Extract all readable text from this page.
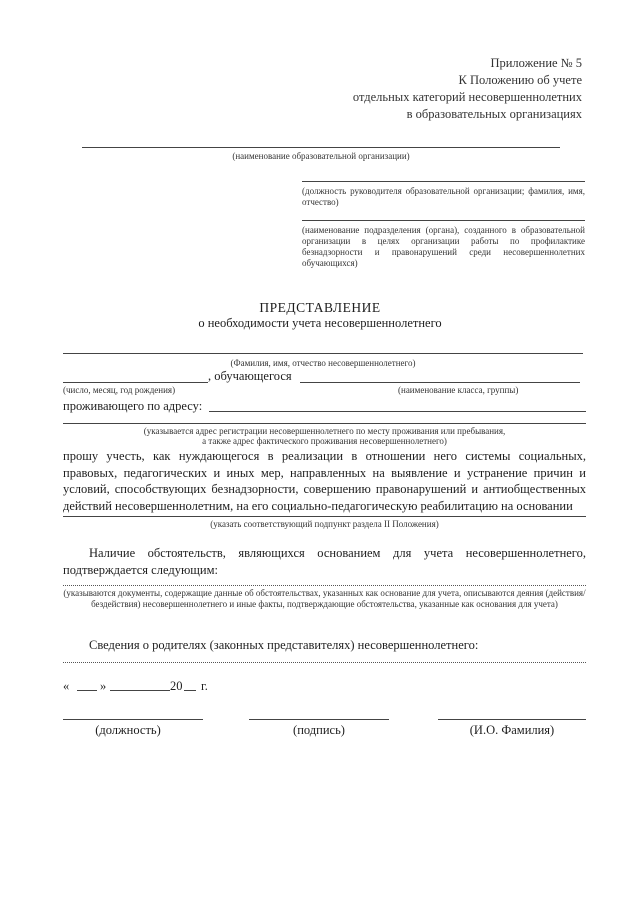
Приложение № 5
К Положению об учете
отдельных категорий несовершеннолетних
в образовательных организациях
(наименование образовательной организации)
(должность руководителя образовательной организации; фамилия, имя, отчество)
(наименование подразделения (органа), созданного в образовательной организации в целях организации работы по профилактике безнадзорности и правонарушений среди несовершеннолетних обучающихся)
ПРЕДСТАВЛЕНИЕ
о необходимости учета несовершеннолетнего
(Фамилия, имя, отчество несовершеннолетнего)
, обучающегося
(число, месяц, год рождения)	(наименование класса, группы)
проживающего по адресу:
(указывается адрес регистрации несовершеннолетнего по месту проживания или пребывания,
а также адрес фактического проживания несовершеннолетнего)
прошу учесть, как нуждающегося в реализации в отношении него системы социальных, правовых, педагогических и иных мер, направленных на выявление и устранение причин и условий, способствующих безнадзорности, совершению правонарушений и антиобщественных действий несовершеннолетним, на его социально-педагогическую реабилитацию на основании
(указать соответствующий подпункт раздела II Положения)
Наличие обстоятельств, являющихся основанием для учета несовершеннолетнего, подтверждается следующим:
(указываются документы, содержащие данные об обстоятельствах, указанных как основание для учета, описываются деяния (действия/бездействия) несовершеннолетнего и иные факты, подтверждающие обстоятельства, указанные как основания для учета)
Сведения о родителях (законных представителях) несовершеннолетнего:
« »	20 г.
(должность)	(подпись)	(И.О. Фамилия)
